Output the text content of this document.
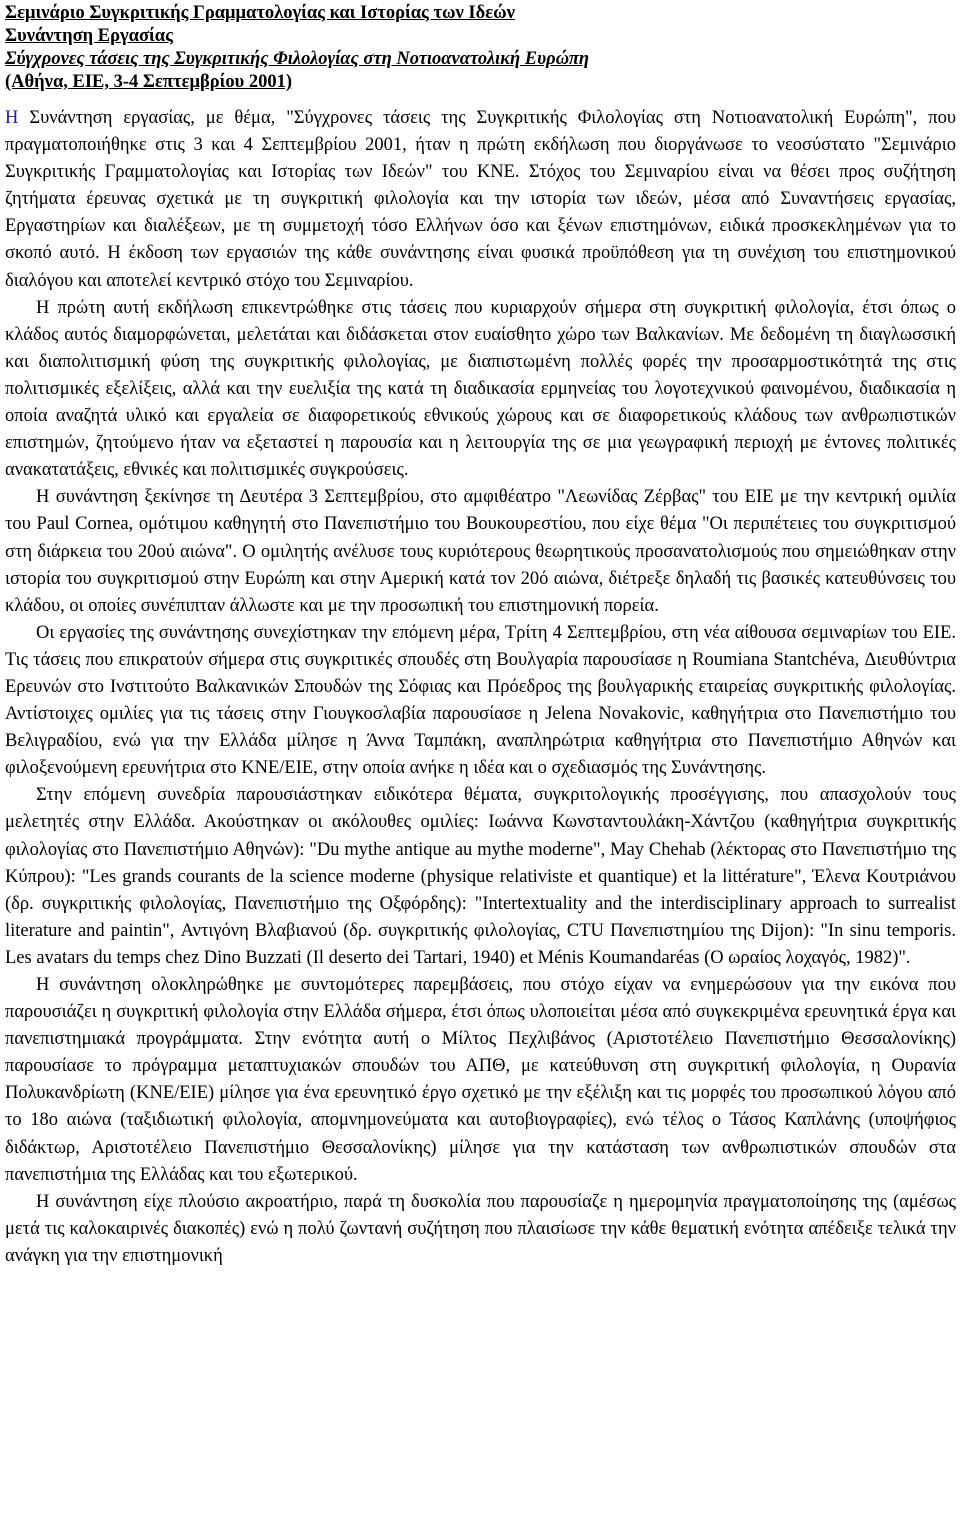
Σεμινάριο Συγκριτικής Γραμματολογίας και Ιστορίας των Ιδεών
Συνάντηση Εργασίας
Σύγχρονες τάσεις της Συγκριτικής Φιλολογίας στη Νοτιοανατολική Ευρώπη
(Αθήνα, ΕΙΕ, 3-4 Σεπτεμβρίου 2001)

Η Συνάντηση εργασίας, με θέμα, "Σύγχρονες τάσεις της Συγκριτικής Φιλολογίας στη Νοτιοανατολική Ευρώπη", που πραγματοποιήθηκε στις 3 και 4 Σεπτεμβρίου 2001, ήταν η πρώτη εκδήλωση που διοργάνωσε το νεοσύστατο "Σεμινάριο Συγκριτικής Γραμματολογίας και Ιστορίας των Ιδεών" του ΚΝΕ. Στόχος του Σεμιναρίου είναι να θέσει προς συζήτηση ζητήματα έρευνας σχετικά με τη συγκριτική φιλολογία και την ιστορία των ιδεών, μέσα από Συναντήσεις εργασίας, Εργαστηρίων και διαλέξεων, με τη συμμετοχή τόσο Ελλήνων όσο και ξένων επιστημόνων, ειδικά προσκεκλημένων για το σκοπό αυτό. Η έκδοση των εργασιών της κάθε συνάντησης είναι φυσικά προϋπόθεση για τη συνέχιση του επιστημονικού διαλόγου και αποτελεί κεντρικό στόχο του Σεμιναρίου.

Η πρώτη αυτή εκδήλωση επικεντρώθηκε στις τάσεις που κυριαρχούν σήμερα στη συγκριτική φιλολογία, έτσι όπως ο κλάδος αυτός διαμορφώνεται, μελετάται και διδάσκεται στον ευαίσθητο χώρο των Βαλκανίων. Με δεδομένη τη διαγλωσσική και διαπολιτισμική φύση της συγκριτικής φιλολογίας, με διαπιστωμένη πολλές φορές την προσαρμοστικότητά της στις πολιτισμικές εξελίξεις, αλλά και την ευελιξία της κατά τη διαδικασία ερμηνείας του λογοτεχνικού φαινομένου, διαδικασία η οποία αναζητά υλικό και εργαλεία σε διαφορετικούς εθνικούς χώρους και σε διαφορετικούς κλάδους των ανθρωπιστικών επιστημών, ζητούμενο ήταν να εξεταστεί η παρουσία και η λειτουργία της σε μια γεωγραφική περιοχή με έντονες πολιτικές ανακατατάξεις, εθνικές και πολιτισμικές συγκρούσεις.

Η συνάντηση ξεκίνησε τη Δευτέρα 3 Σεπτεμβρίου, στο αμφιθέατρο "Λεωνίδας Ζέρβας" του ΕΙΕ με την κεντρική ομιλία του Paul Cornea, ομότιμου καθηγητή στο Πανεπιστήμιο του Βουκουρεστίου, που είχε θέμα "Οι περιπέτειες του συγκριτισμού στη διάρκεια του 20ού αιώνα". Ο ομιλητής ανέλυσε τους κυριότερους θεωρητικούς προσανατολισμούς που σημειώθηκαν στην ιστορία του συγκριτισμού στην Ευρώπη και στην Αμερική κατά τον 20ό αιώνα, διέτρεξε δηλαδή τις βασικές κατευθύνσεις του κλάδου, οι οποίες συνέπιπταν άλλωστε και με την προσωπική του επιστημονική πορεία.

Οι εργασίες της συνάντησης συνεχίστηκαν την επόμενη μέρα, Τρίτη 4 Σεπτεμβρίου, στη νέα αίθουσα σεμιναρίων του ΕΙΕ. Τις τάσεις που επικρατούν σήμερα στις συγκριτικές σπουδές στη Βουλγαρία παρουσίασε η Roumiana Stantchéva, Διευθύντρια Ερευνών στο Ινστιτούτο Βαλκανικών Σπουδών της Σόφιας και Πρόεδρος της βουλγαρικής εταιρείας συγκριτικής φιλολογίας. Αντίστοιχες ομιλίες για τις τάσεις στην Γιουγκοσλαβία παρουσίασε η Jelena Novakovic, καθηγήτρια στο Πανεπιστήμιο του Βελιγραδίου, ενώ για την Ελλάδα μίλησε η Άννα Ταμπάκη, αναπληρώτρια καθηγήτρια στο Πανεπιστήμιο Αθηνών και φιλοξενούμενη ερευνήτρια στο ΚΝΕ/ΕΙΕ, στην οποία ανήκε η ιδέα και ο σχεδιασμός της Συνάντησης.

Στην επόμενη συνεδρία παρουσιάστηκαν ειδικότερα θέματα, συγκριτολογικής προσέγγισης, που απασχολούν τους μελετητές στην Ελλάδα. Ακούστηκαν οι ακόλουθες ομιλίες: Ιωάννα Κωνσταντουλάκη-Χάντζου (καθηγήτρια συγκριτικής φιλολογίας στο Πανεπιστήμιο Αθηνών): "Du mythe antique au mythe moderne", May Chehab (λέκτορας στο Πανεπιστήμιο της Κύπρου): "Les grands courants de la science moderne (physique relativiste et quantique) et la littérature", Έλενα Κουτριάνου (δρ. συγκριτικής φιλολογίας, Πανεπιστήμιο της Οξφόρδης): "Intertextuality and the interdisciplinary approach to surrealist literature and paintin", Αντιγόνη Βλαβιανού (δρ. συγκριτικής φιλολογίας, CTU Πανεπιστημίου της Dijon): "In sinu temporis. Les avatars du temps chez Dino Buzzati (Il deserto dei Tartari, 1940) et Ménis Koumandaréas (Ο ωραίος λοχαγός, 1982)".

Η συνάντηση ολοκληρώθηκε με συντομότερες παρεμβάσεις, που στόχο είχαν να ενημερώσουν για την εικόνα που παρουσιάζει η συγκριτική φιλολογία στην Ελλάδα σήμερα, έτσι όπως υλοποιείται μέσα από συγκεκριμένα ερευνητικά έργα και πανεπιστημιακά προγράμματα. Στην ενότητα αυτή ο Μίλτος Πεχλιβάνος (Αριστοτέλειο Πανεπιστήμιο Θεσσαλονίκης) παρουσίασε το πρόγραμμα μεταπτυχιακών σπουδών του ΑΠΘ, με κατεύθυνση στη συγκριτική φιλολογία, η Ουρανία Πολυκανδρίωτη (ΚΝΕ/ΕΙΕ) μίλησε για ένα ερευνητικό έργο σχετικό με την εξέλιξη και τις μορφές του προσωπικού λόγου από το 18ο αιώνα (ταξιδιωτική φιλολογία, απομνημονεύματα και αυτοβιογραφίες), ενώ τέλος ο Τάσος Καπλάνης (υποψήφιος διδάκτωρ, Αριστοτέλειο Πανεπιστήμιο Θεσσαλονίκης) μίλησε για την κατάσταση των ανθρωπιστικών σπουδών στα πανεπιστήμια της Ελλάδας και του εξωτερικού.

Η συνάντηση είχε πλούσιο ακροατήριο, παρά τη δυσκολία που παρουσίαζε η ημερομηνία πραγματοποίησης της (αμέσως μετά τις καλοκαιρινές διακοπές) ενώ η πολύ ζωντανή συζήτηση που πλαισίωσε την κάθε θεματική ενότητα απέδειξε τελικά την ανάγκη για την επιστημονική
